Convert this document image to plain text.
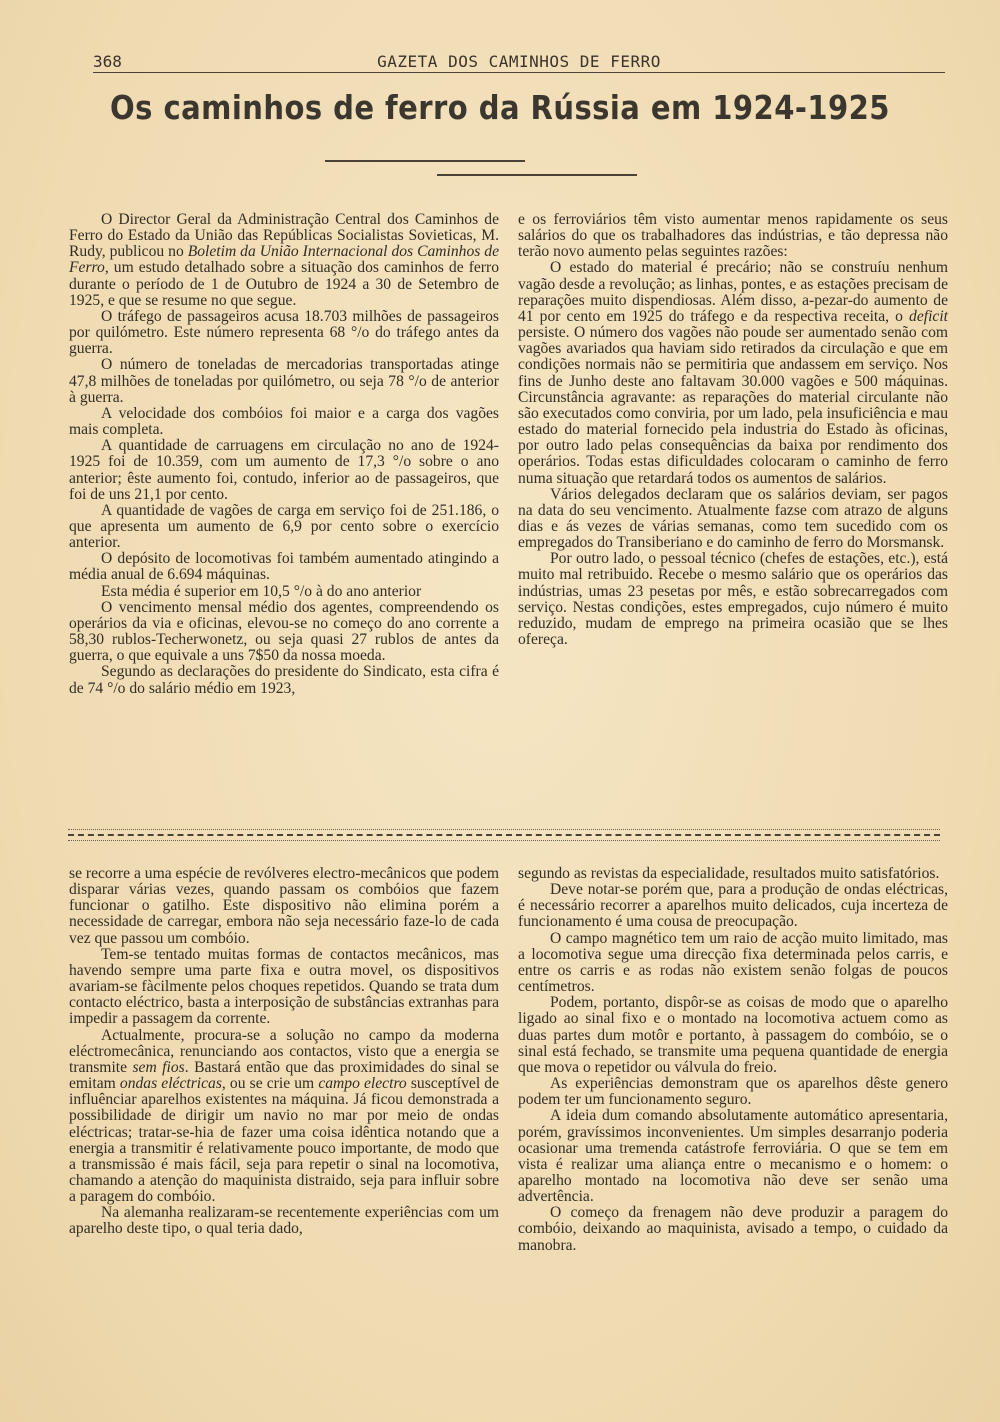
368	GAZETA DOS CAMINHOS DE FERRO
Os caminhos de ferro da Rússia em 1924-1925

O Director Geral da Administração Central dos Caminhos de Ferro do Estado da União das Repúblicas Socialistas Sovieticas, M. Rudy, publicou no Boletim da União Internacional dos Caminhos de Ferro, um estudo detalhado sobre a situação dos caminhos de ferro durante o período de 1 de Outubro de 1924 a 30 de Setembro de 1925, e que se resume no que segue.

O tráfego de passageiros acusa 18.703 milhões de passageiros por quilómetro. Este número representa 68 °/o do tráfego antes da guerra.

O número de toneladas de mercadorias transportadas atinge 47,8 milhões de toneladas por quilómetro, ou seja 78 °/o de anterior à guerra.

A velocidade dos combóios foi maior e a carga dos vagões mais completa.

A quantidade de carruagens em circulação no ano de 1924-1925 foi de 10.359, com um aumento de 17,3 °/o sobre o ano anterior; êste aumento foi, contudo, inferior ao de passageiros, que foi de uns 21,1 por cento.

A quantidade de vagões de carga em serviço foi de 251.186, o que apresenta um aumento de 6,9 por cento sobre o exercício anterior.

O depósito de locomotivas foi também aumentado atingindo a média anual de 6.694 máquinas.

Esta média é superior em 10,5 °/o à do ano anterior

O vencimento mensal médio dos agentes, compreendendo os operários da via e oficinas, elevou-se no começo do ano corrente a 58,30 rublos-Techerwonetz, ou seja quasi 27 rublos de antes da guerra, o que equivale a uns 7$50 da nossa moeda.

Segundo as declarações do presidente do Sindicato, esta cifra é de 74 °/o do salário médio em 1923,

e os ferroviários têm visto aumentar menos rapidamente os seus salários do que os trabalhadores das indústrias, e tão depressa não terão novo aumento pelas seguintes razões:

O estado do material é precário; não se construíu nenhum vagão desde a revolução; as linhas, pontes, e as estações precisam de reparações muito dispendiosas. Além disso, a-pezar-do aumento de 41 por cento em 1925 do tráfego e da respectiva receita, o deficit persiste. O número dos vagões não poude ser aumentado senão com vagões avariados qua haviam sido retirados da circulação e que em condições normais não se permitiria que andassem em serviço. Nos fins de Junho deste ano faltavam 30.000 vagões e 500 máquinas. Circunstância agravante: as reparações do material circulante não são executados como conviria, por um lado, pela insuficiência e mau estado do material fornecido pela industria do Estado às oficinas, por outro lado pelas consequências da baixa por rendimento dos operários. Todas estas dificuldades colocaram o caminho de ferro numa situação que retardará todos os aumentos de salários.

Vários delegados declaram que os salários deviam, ser pagos na data do seu vencimento. Atualmente fazse com atrazo de alguns dias e ás vezes de várias semanas, como tem sucedido com os empregados do Transiberiano e do caminho de ferro do Morsmansk.

Por outro lado, o pessoal técnico (chefes de estações, etc.), está muito mal retribuido. Recebe o mesmo salário que os operários das indústrias, umas 23 pesetas por mês, e estão sobrecarregados com serviço. Nestas condições, estes empregados, cujo número é muito reduzido, mudam de emprego na primeira ocasião que se lhes ofereça.

se recorre a uma espécie de revólveres electro-mecânicos que podem disparar várias vezes, quando passam os combóios que fazem funcionar o gatilho. Este dispositivo não elimina porém a necessidade de carregar, embora não seja necessário faze-lo de cada vez que passou um combóio.

Tem-se tentado muitas formas de contactos mecânicos, mas havendo sempre uma parte fixa e outra movel, os dispositivos avariam-se fàcilmente pelos choques repetidos. Quando se trata dum contacto eléctrico, basta a interposição de substâncias extranhas para impedir a passagem da corrente.

Actualmente, procura-se a solução no campo da moderna eléctromecânica, renunciando aos contactos, visto que a energia se transmite sem fios. Bastará então que das proximidades do sinal se emitam ondas eléctricas, ou se crie um campo electro susceptível de influênciar aparelhos existentes na máquina. Já ficou demonstrada a possibilidade de dirigir um navio no mar por meio de ondas eléctricas; tratar-se-hia de fazer uma coisa idêntica notando que a energia a transmitir é relativamente pouco importante, de modo que a transmissão é mais fácil, seja para repetir o sinal na locomotiva, chamando a atenção do maquinista distraido, seja para influir sobre a paragem do combóio.

Na alemanha realizaram-se recentemente experiências com um aparelho deste tipo, o qual teria dado,

segundo as revistas da especialidade, resultados muito satisfatórios.

Deve notar-se porém que, para a produção de ondas eléctricas, é necessário recorrer a aparelhos muito delicados, cuja incerteza de funcionamento é uma cousa de preocupação.

O campo magnético tem um raio de acção muito limitado, mas a locomotiva segue uma direcção fixa determinada pelos carris, e entre os carris e as rodas não existem senão folgas de poucos centímetros.

Podem, portanto, dispôr-se as coisas de modo que o aparelho ligado ao sinal fixo e o montado na locomotiva actuem como as duas partes dum motôr e portanto, à passagem do combóio, se o sinal está fechado, se transmite uma pequena quantidade de energia que mova o repetidor ou válvula do freio.

As experiências demonstram que os aparelhos dêste genero podem ter um funcionamento seguro.

A ideia dum comando absolutamente automático apresentaria, porém, gravíssimos inconvenientes. Um simples desarranjo poderia ocasionar uma tremenda catástrofe ferroviária. O que se tem em vista é realizar uma aliança entre o mecanismo e o homem: o aparelho montado na locomotiva não deve ser senão uma advertência.

O começo da frenagem não deve produzir a paragem do combóio, deixando ao maquinista, avisado a tempo, o cuidado da manobra.
